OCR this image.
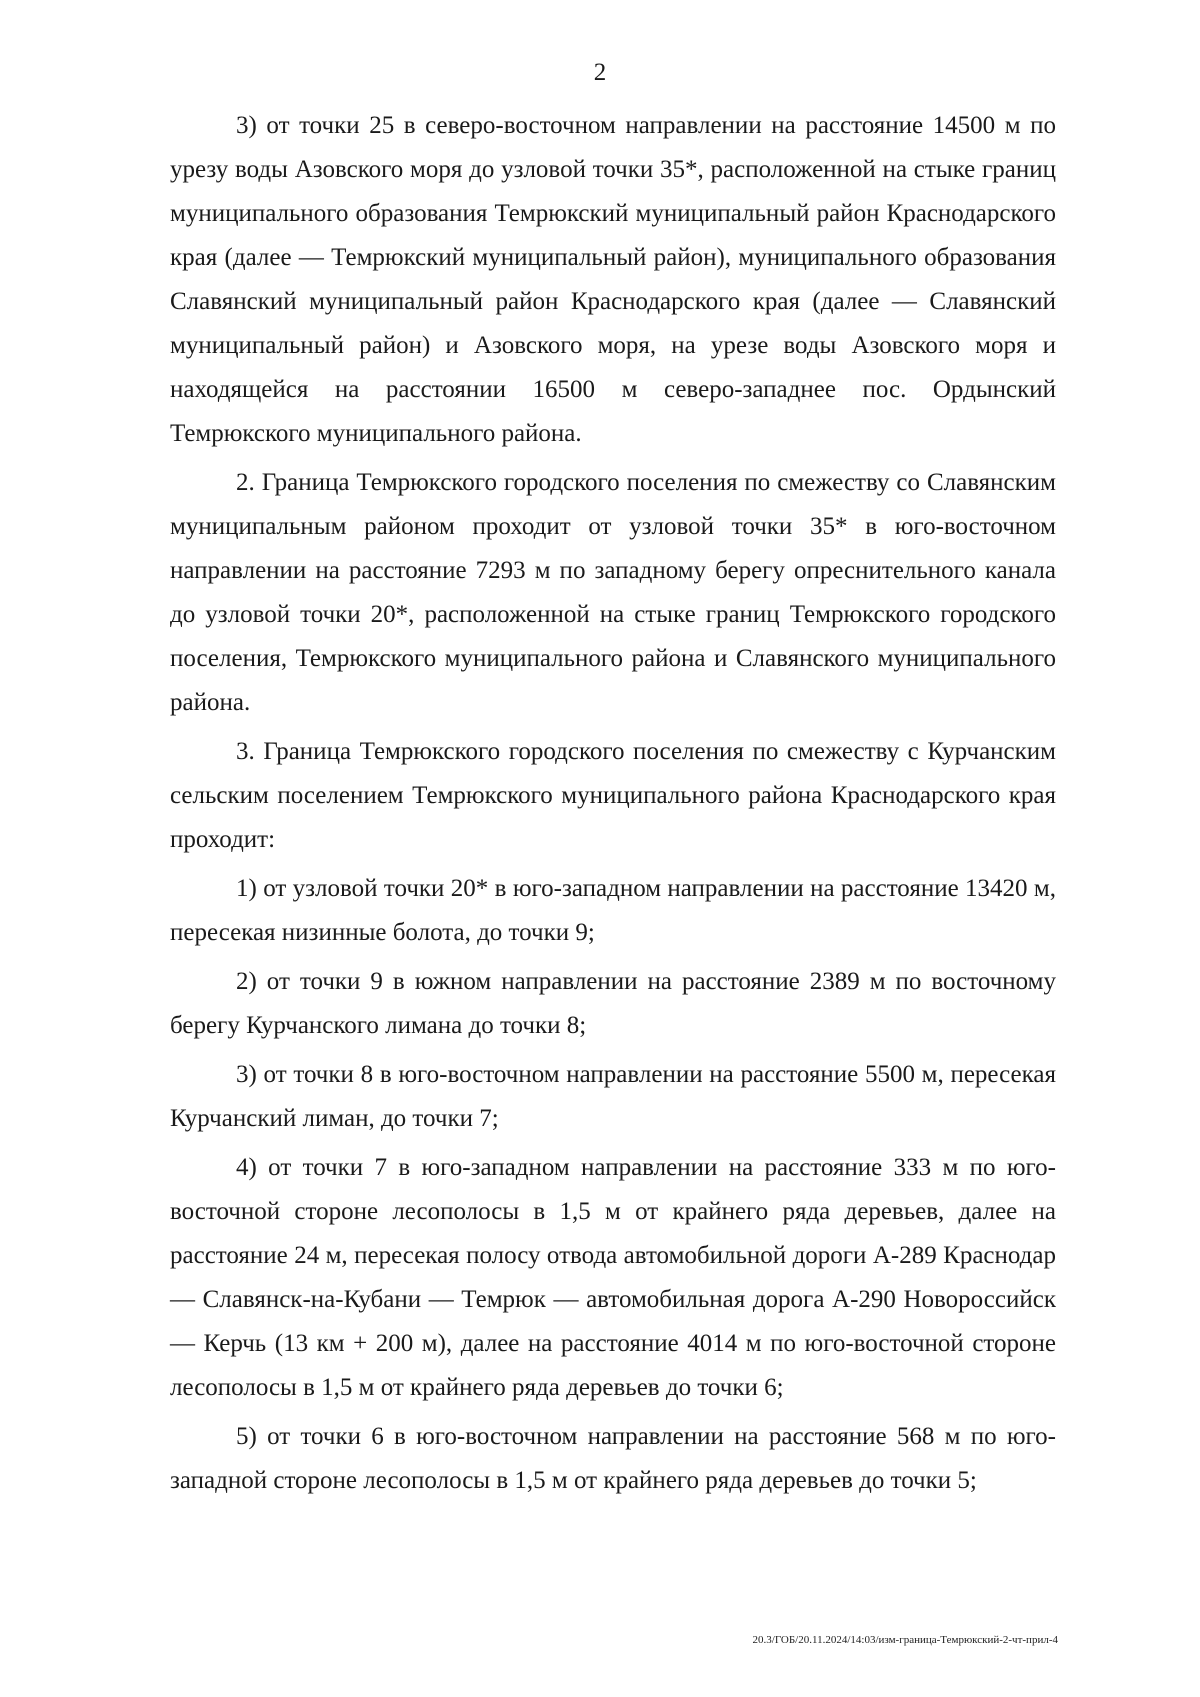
2

3) от точки 25 в северо-восточном направлении на расстояние 14500 м по урезу воды Азовского моря до узловой точки 35*, расположенной на стыке границ муниципального образования Темрюкский муниципальный район Краснодарского края (далее — Темрюкский муниципальный район), муниципального образования Славянский муниципальный район Краснодарского края (далее — Славянский муниципальный район) и Азовского моря, на урезе воды Азовского моря и находящейся на расстоянии 16500 м северо-западнее пос. Ордынский Темрюкского муниципального района.

2. Граница Темрюкского городского поселения по смежеству со Славянским муниципальным районом проходит от узловой точки 35* в юго-восточном направлении на расстояние 7293 м по западному берегу опреснительного канала до узловой точки 20*, расположенной на стыке границ Темрюкского городского поселения, Темрюкского муниципального района и Славянского муниципального района.

3. Граница Темрюкского городского поселения по смежеству с Курчанским сельским поселением Темрюкского муниципального района Краснодарского края проходит:

1) от узловой точки 20* в юго-западном направлении на расстояние 13420 м, пересекая низинные болота, до точки 9;

2) от точки 9 в южном направлении на расстояние 2389 м по восточному берегу Курчанского лимана до точки 8;

3) от точки 8 в юго-восточном направлении на расстояние 5500 м, пересекая Курчанский лиман, до точки 7;

4) от точки 7 в юго-западном направлении на расстояние 333 м по юго-восточной стороне лесополосы в 1,5 м от крайнего ряда деревьев, далее на расстояние 24 м, пересекая полосу отвода автомобильной дороги А-289 Краснодар — Славянск-на-Кубани — Темрюк — автомобильная дорога А-290 Новороссийск — Керчь (13 км + 200 м), далее на расстояние 4014 м по юго-восточной стороне лесополосы в 1,5 м от крайнего ряда деревьев до точки 6;

5) от точки 6 в юго-восточном направлении на расстояние 568 м по юго-западной стороне лесополосы в 1,5 м от крайнего ряда деревьев до точки 5;

20.3/ГОБ/20.11.2024/14:03/изм-граница-Темрюкский-2-чт-прил-4
